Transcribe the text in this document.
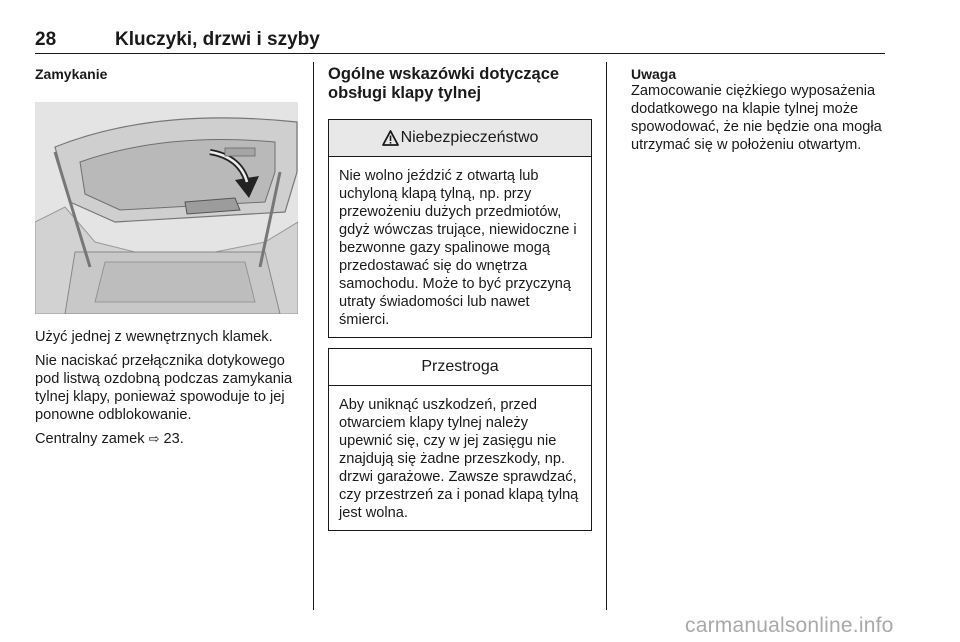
28	Kluczyki, drzwi i szyby
Zamykanie

Użyć jednej z wewnętrznych klamek.

Nie naciskać przełącznika dotykowego pod listwą ozdobną podczas zamykania tylnej klapy, ponieważ spowoduje to jej ponowne odblokowanie.

Centralny zamek ⇨ 23.

Ogólne wskazówki dotyczące obsługi klapy tylnej
Niebezpieczeństwo

Nie wolno jeździć z otwartą lub uchyloną klapą tylną, np. przy przewożeniu dużych przedmiotów, gdyż wówczas trujące, niewidoczne i bezwonne gazy spalinowe mogą przedostawać się do wnętrza samochodu. Może to być przyczyną utraty świadomości lub nawet śmierci.

Przestroga

Aby uniknąć uszkodzeń, przed otwarciem klapy tylnej należy upewnić się, czy w jej zasięgu nie znajdują się żadne przeszkody, np. drzwi garażowe. Zawsze sprawdzać, czy przestrzeń za i ponad klapą tylną jest wolna.

Uwaga

Zamocowanie ciężkiego wyposażenia dodatkowego na klapie tylnej może spowodować, że nie będzie ona mogła utrzymać się w położeniu otwartym.

carmanualsonline.info
